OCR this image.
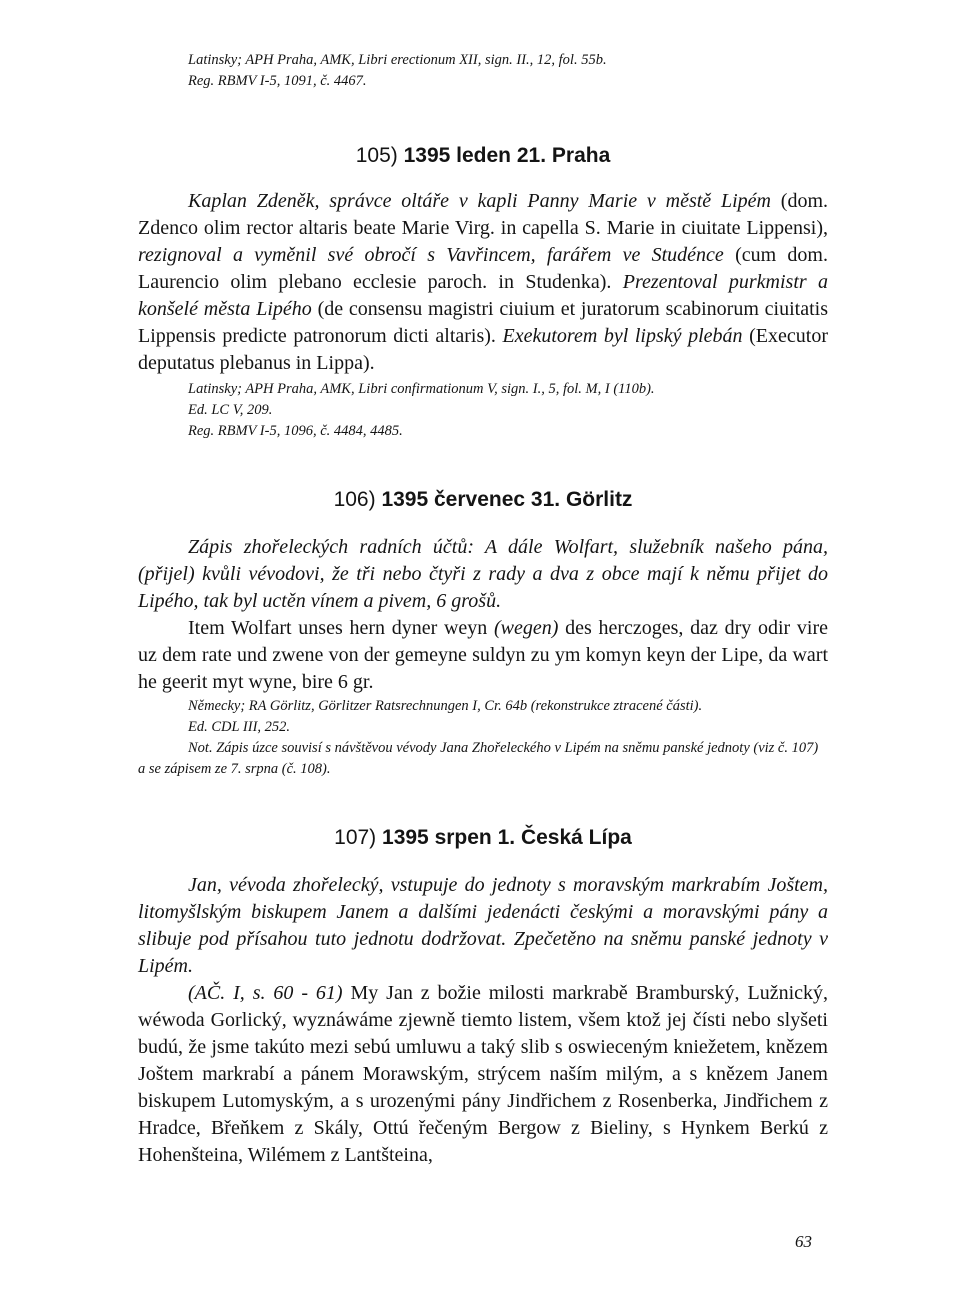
Latinsky; APH Praha, AMK, Libri erectionum XII, sign. II., 12, fol. 55b.
Reg. RBMV I-5, 1091, č. 4467.
105) 1395 leden 21. Praha
Kaplan Zdeněk, správce oltáře v kapli Panny Marie v městě Lipém (dom. Zdenco olim rector altaris beate Marie Virg. in capella S. Marie in ciuitate Lippensi), rezignoval a vyměnil své obročí s Vavřincem, farářem ve Studénce (cum dom. Laurencio olim plebano ecclesie paroch. in Studenka). Prezentoval purkmistr a konšelé města Lipého (de consensu magistri ciuium et juratorum scabinorum ciuitatis Lippensis predicte patronorum dicti altaris). Exekutorem byl lipský plebán (Executor deputatus plebanus in Lippa).
Latinsky; APH Praha, AMK, Libri confirmationum V, sign. I., 5, fol. M, I (110b).
Ed. LC V, 209.
Reg. RBMV I-5, 1096, č. 4484, 4485.
106) 1395 červenec 31. Görlitz
Zápis zhořeleckých radních účtů: A dále Wolfart, služebník našeho pána, (přijel) kvůli vévodovi, že tři nebo čtyři z rady a dva z obce mají k němu přijet do Lipého, tak byl uctěn vínem a pivem, 6 grošů.
Item Wolfart unses hern dyner weyn (wegen) des herczoges, daz dry odir vire uz dem rate und zwene von der gemeyne suldyn zu ym komyn keyn der Lipe, da wart he geerit myt wyne, bire 6 gr.
Německy; RA Görlitz, Görlitzer Ratsrechnungen I, Cr. 64b (rekonstrukce ztracené části).
Ed. CDL III, 252.
Not. Zápis úzce souvisí s návštěvou vévody Jana Zhořeleckého v Lipém na sněmu panské jednoty (viz č. 107) a se zápisem ze 7. srpna (č. 108).
107) 1395 srpen 1. Česká Lípa
Jan, vévoda zhořelecký, vstupuje do jednoty s moravským markrabím Joštem, litomyšlským biskupem Janem a dalšími jedenácti českými a moravskými pány a slibuje pod přísahou tuto jednotu dodržovat. Zpečetěno na sněmu panské jednoty v Lipém.
(AČ. I, s. 60 - 61) My Jan z božie milosti markrabě Bramburský, Lužnický, wéwoda Gorlický, wyznáwáme zjewně tiemto listem, všem ktož jej čísti nebo slyšeti budú, že jsme takúto mezi sebú umluwu a taký slib s oswieceným kniežetem, knězem Joštem markrabí a pánem Morawským, strýcem naším milým, a s knězem Janem biskupem Lutomyským, a s urozenými pány Jindřichem z Rosenberka, Jindřichem z Hradce, Břeňkem z Skály, Ottú řečeným Bergow z Bieliny, s Hynkem Berkú z Hohenšteina, Wilémem z Lantšteina,
63
